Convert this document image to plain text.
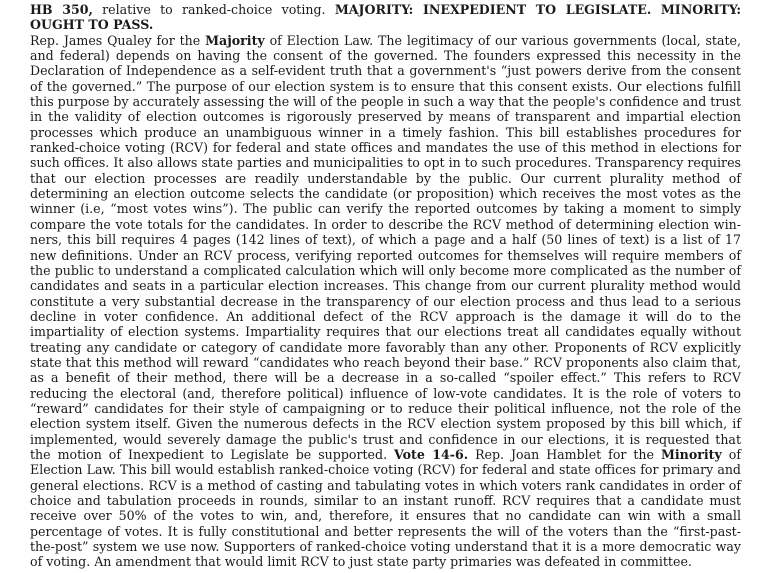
HB 350, relative to ranked-choice voting. MAJORITY: INEXPEDIENT TO LEGISLATE. MINORITY: OUGHT TO PASS.
Rep. James Qualey for the Majority of Election Law. The legitimacy of our various governments (local, state, and federal) depends on having the consent of the governed. The founders expressed this necessity in the Declaration of Independence as a self-evident truth that a government's “just powers derive from the consent of the governed.” The purpose of our election system is to ensure that this consent exists. Our elections fulfill this purpose by accurately assessing the will of the people in such a way that the people's confidence and trust in the validity of election outcomes is rigorously preserved by means of transparent and impartial election processes which produce an unambiguous winner in a timely fashion. This bill establishes procedures for ranked-choice voting (RCV) for federal and state offices and mandates the use of this method in elections for such offices. It also allows state parties and municipalities to opt in to such procedures. Transparency requires that our election processes are readily understandable by the public. Our current plurality method of determining an election outcome selects the candidate (or proposition) which receives the most votes as the winner (i.e, “most votes wins”). The public can verify the reported outcomes by taking a moment to simply compare the vote totals for the candidates. In order to describe the RCV method of determining election winners, this bill requires 4 pages (142 lines of text), of which a page and a half (50 lines of text) is a list of 17 new definitions. Under an RCV process, verifying reported outcomes for themselves will require members of the public to understand a complicated calculation which will only become more complicated as the number of candidates and seats in a particular election increases. This change from our current plurality method would constitute a very substantial decrease in the transparency of our election process and thus lead to a serious decline in voter confidence. An additional defect of the RCV approach is the damage it will do to the impartiality of election systems. Impartiality requires that our elections treat all candidates equally without treating any candidate or category of candidate more favorably than any other. Proponents of RCV explicitly state that this method will reward “candidates who reach beyond their base.” RCV proponents also claim that, as a benefit of their method, there will be a decrease in a so-called “spoiler effect.” This refers to RCV reducing the electoral (and, therefore political) influence of low-vote candidates. It is the role of voters to “reward” candidates for their style of campaigning or to reduce their political influence, not the role of the election system itself. Given the numerous defects in the RCV election system proposed by this bill which, if implemented, would severely damage the public's trust and confidence in our elections, it is requested that the motion of Inexpedient to Legislate be supported. Vote 14-6. Rep. Joan Hamblet for the Minority of Election Law. This bill would establish ranked-choice voting (RCV) for federal and state offices for primary and general elections. RCV is a method of casting and tabulating votes in which voters rank candidates in order of choice and tabulation proceeds in rounds, similar to an instant runoff. RCV requires that a candidate must receive over 50% of the votes to win, and, therefore, it ensures that no candidate can win with a small percentage of votes. It is fully constitutional and better represents the will of the voters than the “first-past-the-post” system we use now. Supporters of ranked-choice voting understand that it is a more democratic way of voting. An amendment that would limit RCV to just state party primaries was defeated in committee.
